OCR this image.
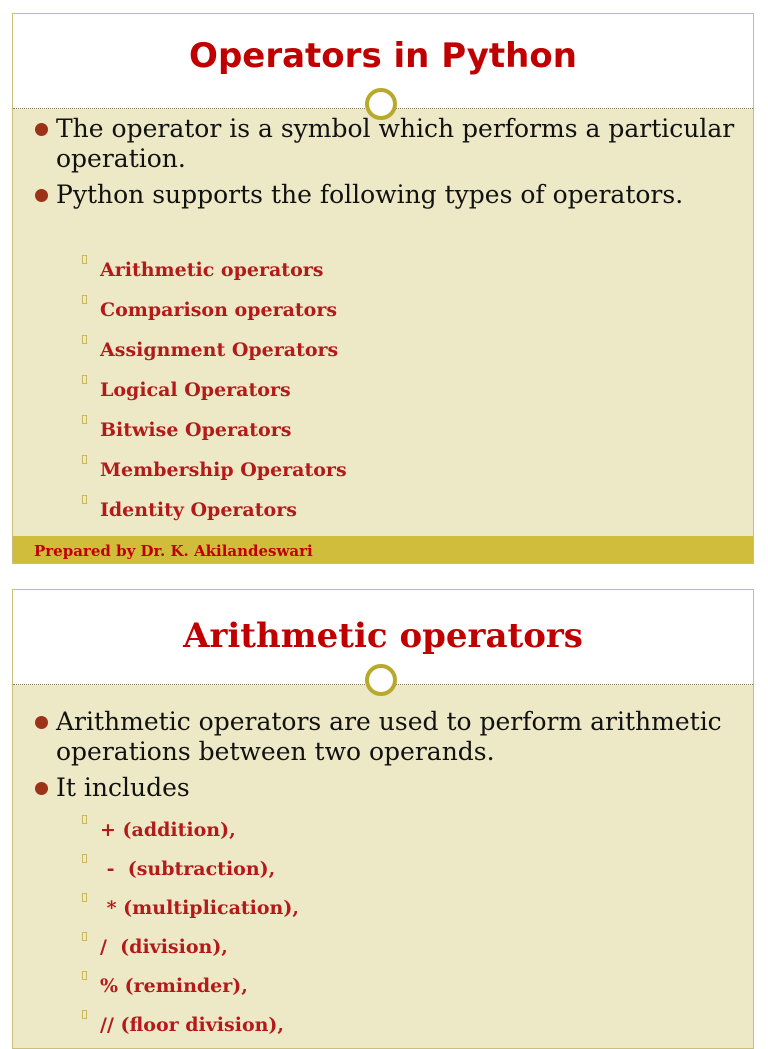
Operators in Python
The operator is a symbol which performs a particular operation.
Python supports the following types of operators.
Arithmetic operators
Comparison operators
Assignment Operators
Logical Operators
Bitwise Operators
Membership Operators
Identity Operators
Prepared by Dr. K. Akilandeswari
Arithmetic operators
Arithmetic operators are used to perform arithmetic operations between two operands.
It includes
+ (addition),
-  (subtraction),
* (multiplication),
/  (division),
% (reminder),
// (floor division),
